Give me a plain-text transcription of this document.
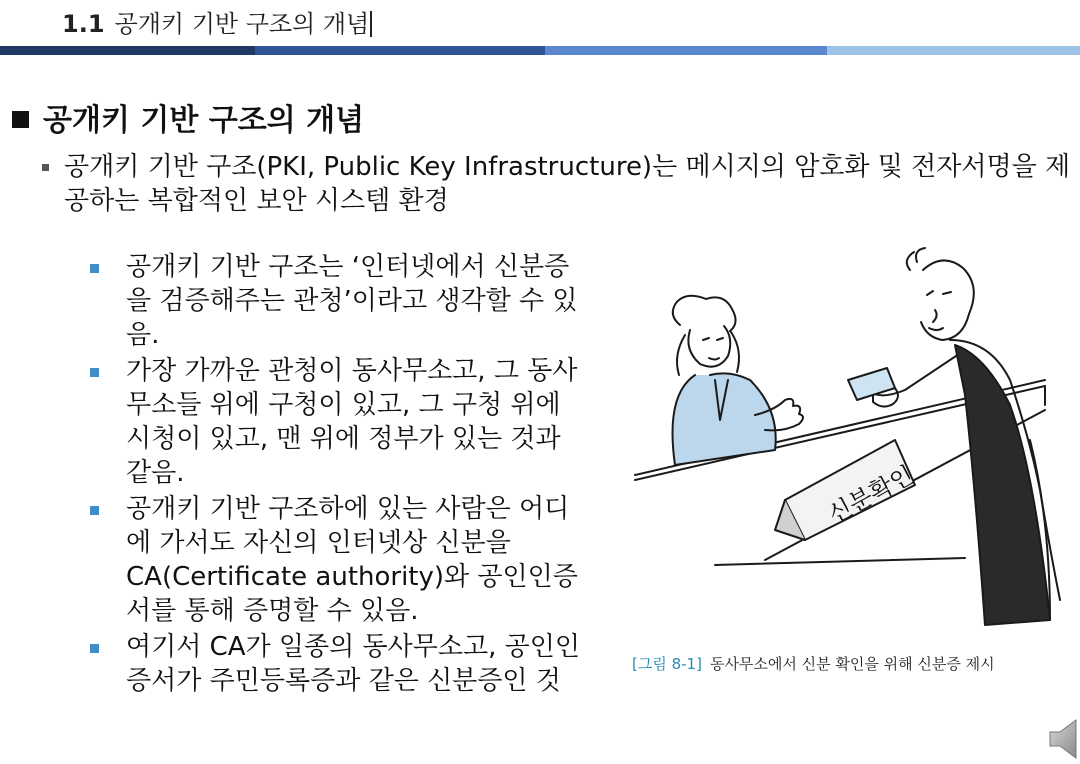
1.1 공개키 기반 구조의 개념
공개키 기반 구조의 개념
공개키 기반 구조(PKI, Public Key Infrastructure)는 메시지의 암호화 및 전자서명을 제공하는 복합적인 보안 시스템 환경
공개키 기반 구조는 ‘인터넷에서 신분증을 검증해주는 관청’이라고 생각할 수 있음.
가장 가까운 관청이 동사무소고, 그 동사무소들 위에 구청이 있고, 그 구청 위에 시청이 있고, 맨 위에 정부가 있는 것과 같음.
공개키 기반 구조하에 있는 사람은 어디에 가서도 자신의 인터넷상 신분을 CA(Certificate authority)와 공인인증서를 통해 증명할 수 있음.
여기서 CA가 일종의 동사무소고, 공인인증서가 주민등록증과 같은 신분증인 것
신분확인
[그림 8-1] 동사무소에서 신분 확인을 위해 신분증 제시
